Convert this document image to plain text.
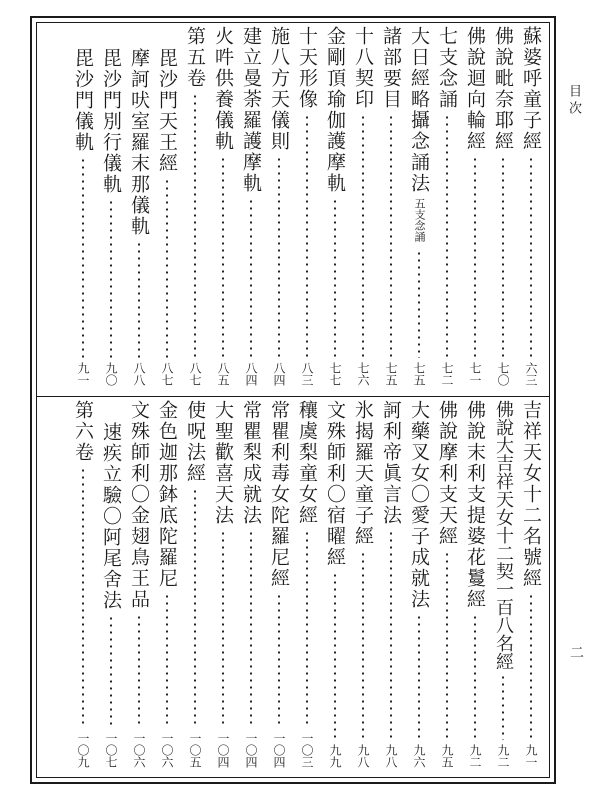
目 次
二
蘇婆呼童子經
六三
佛說毗奈耶經
七〇
佛說迴向輪經
七一
七支念誦
七二
大日經略攝念誦法
五支念誦
七五
諸部要目
七五
十八契印
七六
金剛頂瑜伽護摩軌
七七
十天形像
八三
施八方天儀則
八四
建立曼荼羅護摩軌
八四
火吽供養儀軌
八五
第五卷
八七
毘沙門天王經
八七
摩訶吠室羅末那儀軌
八八
毘沙門別行儀軌
九〇
毘沙門儀軌
九一
吉祥天女十二名號經
九一
佛說大吉祥天女十二契一百八名經
九二
佛說末利支提婆花鬘經
九二
佛說摩利支天經
九五
大藥叉女〇愛子成就法
九六
訶利帝眞言法
九八
氷揭羅天童子經
九八
文殊師利〇宿曜經
九九
穰虞梨童女經
一〇三
常瞿利毒女陀羅尼經
一〇四
常瞿梨成就法
一〇四
大聖歡喜天法
一〇四
使呪法經
一〇五
金色迦那鉢底陀羅尼
一〇六
文殊師利〇金翅鳥王品
一〇六
速疾立驗〇阿尾舍法
一〇七
第六卷
一〇九
